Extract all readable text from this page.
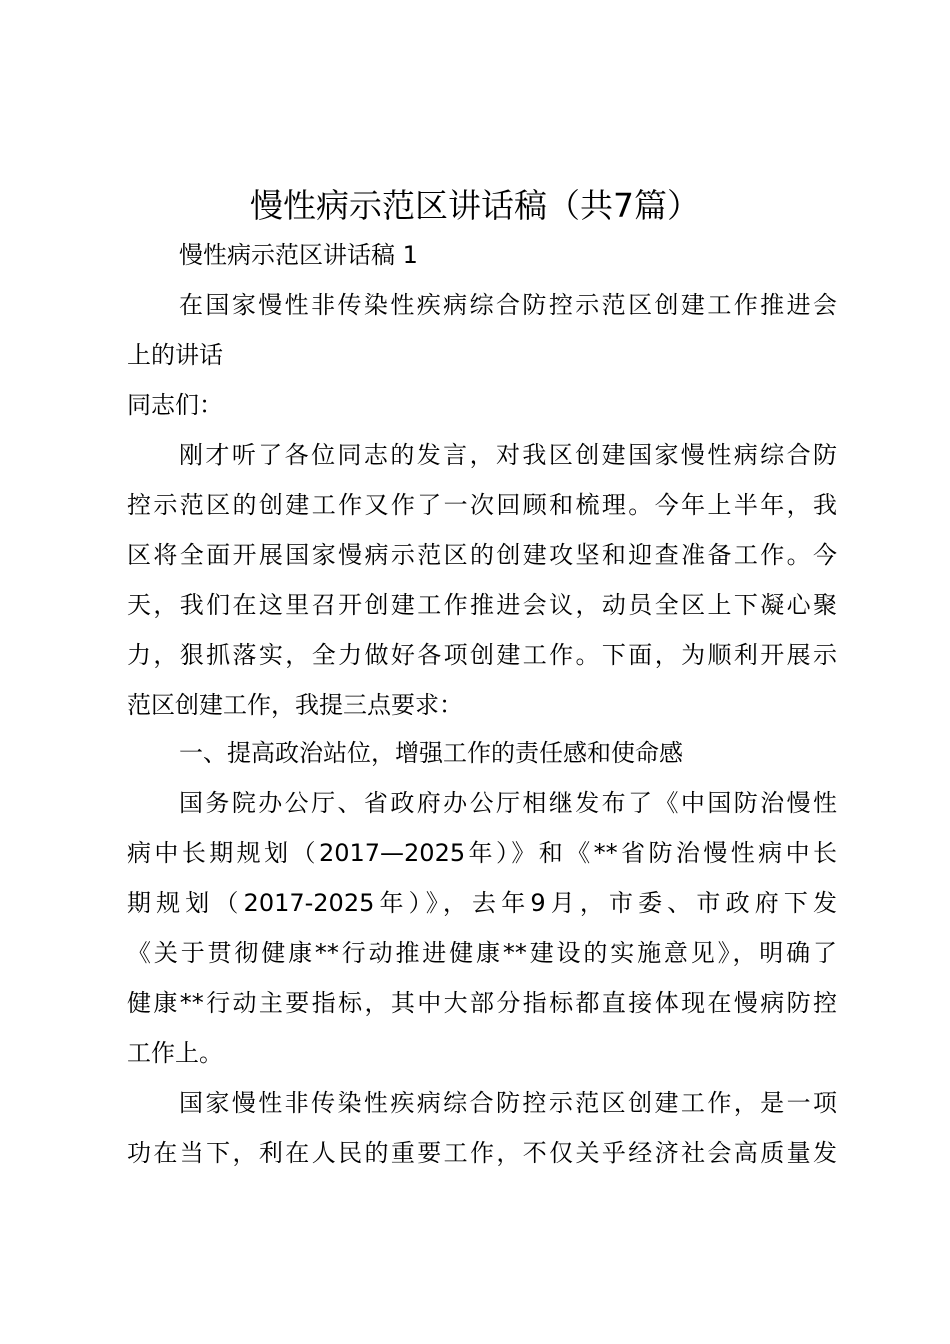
慢性病示范区讲话稿（共7篇）
慢性病示范区讲话稿 1
在国家慢性非传染性疾病综合防控示范区创建工作推进会
上的讲话
同志们：
刚才听了各位同志的发言，对我区创建国家慢性病综合防
控示范区的创建工作又作了一次回顾和梳理。今年上半年，我
区将全面开展国家慢病示范区的创建攻坚和迎查准备工作。今
天，我们在这里召开创建工作推进会议，动员全区上下凝心聚
力，狠抓落实，全力做好各项创建工作。下面，为顺利开展示
范区创建工作，我提三点要求：
一、提高政治站位，增强工作的责任感和使命感
国务院办公厅、省政府办公厅相继发布了《中国防治慢性
病中长期规划（2017—2025年）》和《**省防治慢性病中长
期规划（2017-2025年）》，去年9月，市委、市政府下发
《关于贯彻健康**行动推进健康**建设的实施意见》，明确了
健康**行动主要指标，其中大部分指标都直接体现在慢病防控
工作上。
国家慢性非传染性疾病综合防控示范区创建工作，是一项
功在当下，利在人民的重要工作，不仅关乎经济社会高质量发
